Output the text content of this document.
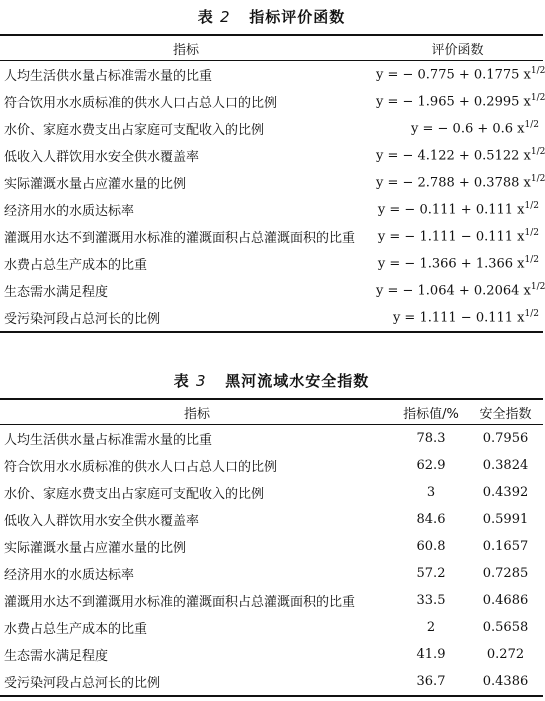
表 2 指标评价函数
指标	评价函数
人均生活供水量占标准需水量的比重	y = − 0.775 + 0.1775 $x^{1/2}$
符合饮用水水质标准的供水人口占总人口的比例	y = − 1.965 + 0.2995 $x^{1/2}$
水价、家庭水费支出占家庭可支配收入的比例	y = − 0.6 + 0.6 $x^{1/2}$
低收入人群饮用水安全供水覆盖率	y = − 4.122 + 0.5122 $x^{1/2}$
实际灌溉水量占应灌水量的比例	y = − 2.788 + 0.3788 $x^{1/2}$
经济用水的水质达标率	y = − 0.111 + 0.111 $x^{1/2}$
灌溉用水达不到灌溉用水标准的灌溉面积占总灌溉面积的比重	y = − 1.111 − 0.111 $x^{1/2}$
水费占总生产成本的比重	y = − 1.366 + 1.366 $x^{1/2}$
生态需水满足程度	y = − 1.064 + 0.2064 $x^{1/2}$
受污染河段占总河长的比例	y = 1.111 − 0.111 $x^{1/2}$
表 3 黑河流域水安全指数
指标	指标值/%	安全指数
人均生活供水量占标准需水量的比重	78.3	0.7956
符合饮用水水质标准的供水人口占总人口的比例	62.9	0.3824
水价、家庭水费支出占家庭可支配收入的比例	3	0.4392
低收入人群饮用水安全供水覆盖率	84.6	0.5991
实际灌溉水量占应灌水量的比例	60.8	0.1657
经济用水的水质达标率	57.2	0.7285
灌溉用水达不到灌溉用水标准的灌溉面积占总灌溉面积的比重	33.5	0.4686
水费占总生产成本的比重	2	0.5658
生态需水满足程度	41.9	0.272
受污染河段占总河长的比例	36.7	0.4386
